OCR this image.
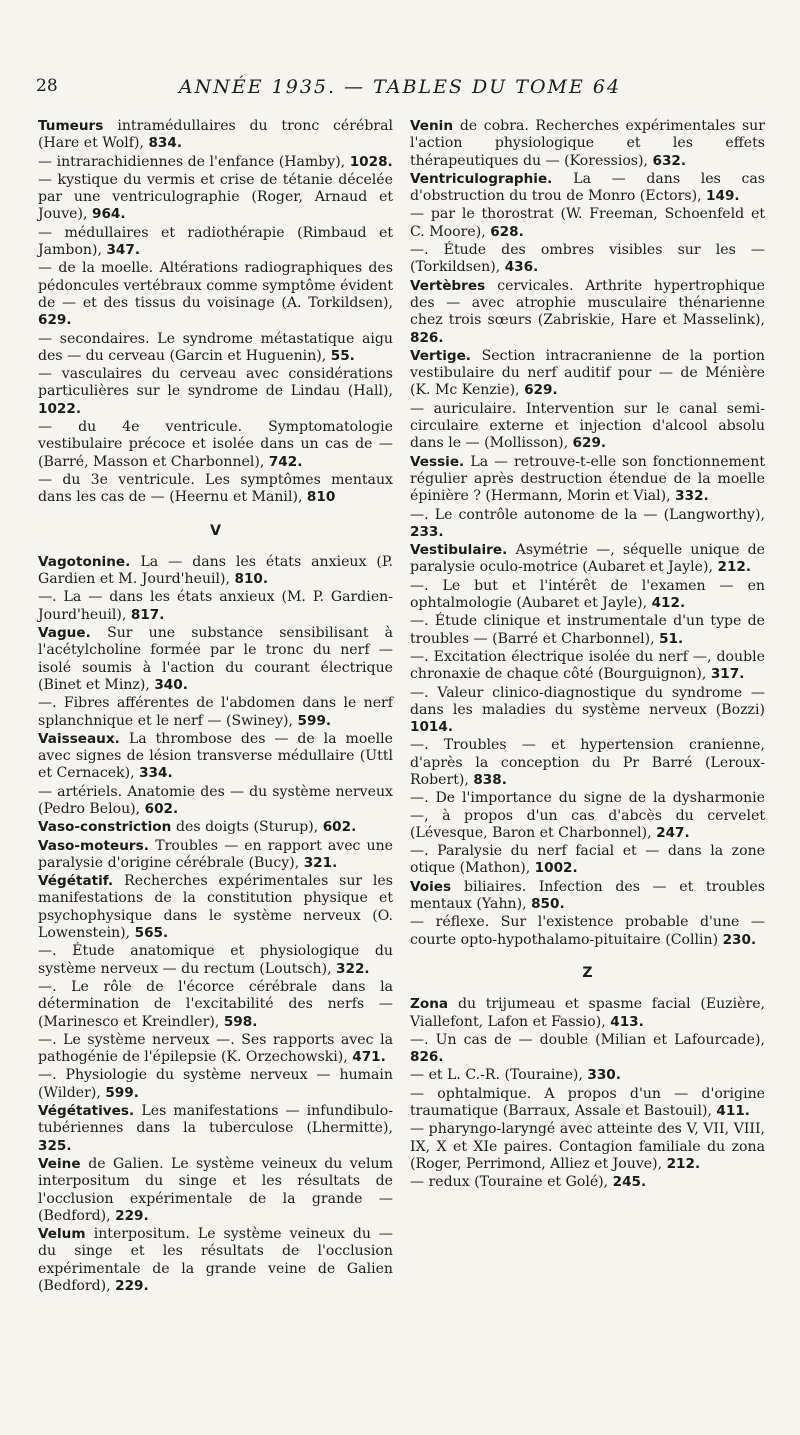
28	ANNÉE 1935. — TABLES DU TOME 64
Tumeurs intramédullaires du tronc cérébral (Hare et Wolf), 834.
— intrarachidiennes de l'enfance (Hamby), 1028.
— kystique du vermis et crise de tétanie décelée par une ventriculographie (Roger, Arnaud et Jouve), 964.
— médullaires et radiothérapie (Rimbaud et Jambon), 347.
— de la moelle. Altérations radiographiques des pédoncules vertébraux comme symptôme évident de — et des tissus du voisinage (A. Torkildsen), 629.
— secondaires. Le syndrome métastatique aigu des — du cerveau (Garcin et Huguenin), 55.
— vasculaires du cerveau avec considérations particulières sur le syndrome de Lindau (Hall), 1022.
— du 4e ventricule. Symptomatologie vestibulaire précoce et isolée dans un cas de — (Barré, Masson et Charbonnel), 742.
— du 3e ventricule. Les symptômes mentaux dans les cas de — (Heernu et Manil), 810
V
Vagotonine. La — dans les états anxieux (P. Gardien et M. Jourd'heuil), 810.
—. La — dans les états anxieux (M. P. Gardien-Jourd'heuil), 817.
Vague. Sur une substance sensibilisant à l'acétylcholine formée par le tronc du nerf — isolé soumis à l'action du courant électrique (Binet et Minz), 340.
—. Fibres afférentes de l'abdomen dans le nerf splanchnique et le nerf — (Swiney), 599.
Vaisseaux. La thrombose des — de la moelle avec signes de lésion transverse médullaire (Uttl et Cernacek), 334.
— artériels. Anatomie des — du système nerveux (Pedro Belou), 602.
Vaso-constriction des doigts (Sturup), 602.
Vaso-moteurs. Troubles — en rapport avec une paralysie d'origine cérébrale (Bucy), 321.
Végétatif. Recherches expérimentales sur les manifestations de la constitution physique et psychophysique dans le système nerveux (O. Lowenstein), 565.
—. Étude anatomique et physiologique du système nerveux — du rectum (Loutsch), 322.
—. Le rôle de l'écorce cérébrale dans la détermination de l'excitabilité des nerfs — (Marinesco et Kreindler), 598.
—. Le système nerveux —. Ses rapports avec la pathogénie de l'épilepsie (K. Orzechowski), 471.
—. Physiologie du système nerveux — humain (Wilder), 599.
Végétatives. Les manifestations — infundibulo-tubériennes dans la tuberculose (Lhermitte), 325.
Veine de Galien. Le système veineux du velum interpositum du singe et les résultats de l'occlusion expérimentale de la grande — (Bedford), 229.
Velum interpositum. Le système veineux du — du singe et les résultats de l'occlusion expérimentale de la grande veine de Galien (Bedford), 229.
Venin de cobra. Recherches expérimentales sur l'action physiologique et les effets thérapeutiques du — (Koressios), 632.
Ventriculographie. La — dans les cas d'obstruction du trou de Monro (Ectors), 149.
— par le thorostrat (W. Freeman, Schoenfeld et C. Moore), 628.
—. Étude des ombres visibles sur les — (Torkildsen), 436.
Vertèbres cervicales. Arthrite hypertrophique des — avec atrophie musculaire thénarienne chez trois sœurs (Zabriskie, Hare et Masselink), 826.
Vertige. Section intracranienne de la portion vestibulaire du nerf auditif pour — de Ménière (K. Mc Kenzie), 629.
— auriculaire. Intervention sur le canal semi-circulaire externe et injection d'alcool absolu dans le — (Mollisson), 629.
Vessie. La — retrouve-t-elle son fonctionnement régulier après destruction étendue de la moelle épinière ? (Hermann, Morin et Vial), 332.
—. Le contrôle autonome de la — (Langworthy), 233.
Vestibulaire. Asymétrie —, séquelle unique de paralysie oculo-motrice (Aubaret et Jayle), 212.
—. Le but et l'intérêt de l'examen — en ophtalmologie (Aubaret et Jayle), 412.
—. Étude clinique et instrumentale d'un type de troubles — (Barré et Charbonnel), 51.
—. Excitation électrique isolée du nerf —, double chronaxie de chaque côté (Bourguignon), 317.
—. Valeur clinico-diagnostique du syndrome — dans les maladies du système nerveux (Bozzi) 1014.
—. Troubles — et hypertension cranienne, d'après la conception du Pr Barré (Leroux-Robert), 838.
—. De l'importance du signe de la dysharmonie —, à propos d'un cas d'abcès du cervelet (Lévesque, Baron et Charbonnel), 247.
—. Paralysie du nerf facial et — dans la zone otique (Mathon), 1002.
Voies biliaires. Infection des — et troubles mentaux (Yahn), 850.
— réflexe. Sur l'existence probable d'une — courte opto-hypothalamo-pituitaire (Collin) 230.
Z
Zona du trijumeau et spasme facial (Euzière, Viallefont, Lafon et Fassio), 413.
—. Un cas de — double (Milian et Lafourcade), 826.
— et L. C.-R. (Touraine), 330.
— ophtalmique. A propos d'un — d'origine traumatique (Barraux, Assale et Bastouil), 411.
— pharyngo-laryngé avec atteinte des V, VII, VIII, IX, X et XIe paires. Contagion familiale du zona (Roger, Perrimond, Alliez et Jouve), 212.
— redux (Touraine et Golé), 245.
